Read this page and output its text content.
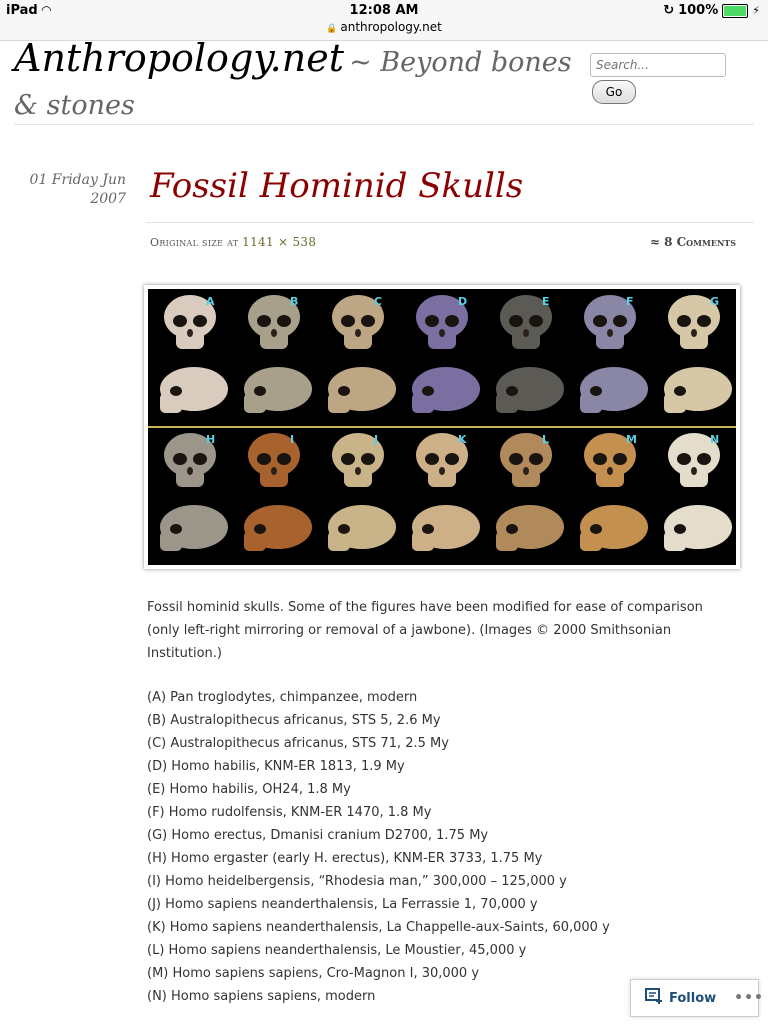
iPad ◠	12:08 AM
🔒 anthropology.net
↻ 100%	⚡
Anthropology.net ~ Beyond bones & stones
Search...	Go
01 Friday Jun
2007 Fossil Hominid Skulls
Original size at 1141 × 538	≈ 8 Comments
A	B	C	D	E	F	G
H	I	J	K	L	M	N
Fossil hominid skulls. Some of the figures have been modified for ease of comparison (only left-right mirroring or removal of a jawbone). (Images © 2000 Smithsonian Institution.)
(A) Pan troglodytes, chimpanzee, modern
(B) Australopithecus africanus, STS 5, 2.6 My
(C) Australopithecus africanus, STS 71, 2.5 My
(D) Homo habilis, KNM-ER 1813, 1.9 My
(E) Homo habilis, OH24, 1.8 My
(F) Homo rudolfensis, KNM-ER 1470, 1.8 My
(G) Homo erectus, Dmanisi cranium D2700, 1.75 My
(H) Homo ergaster (early H. erectus), KNM-ER 3733, 1.75 My
(I) Homo heidelbergensis, “Rhodesia man,” 300,000 – 125,000 y
(J) Homo sapiens neanderthalensis, La Ferrassie 1, 70,000 y
(K) Homo sapiens neanderthalensis, La Chappelle-aux-Saints, 60,000 y
(L) Homo sapiens neanderthalensis, Le Moustier, 45,000 y
(M) Homo sapiens sapiens, Cro-Magnon I, 30,000 y
(N) Homo sapiens sapiens, modern	Follow •••
